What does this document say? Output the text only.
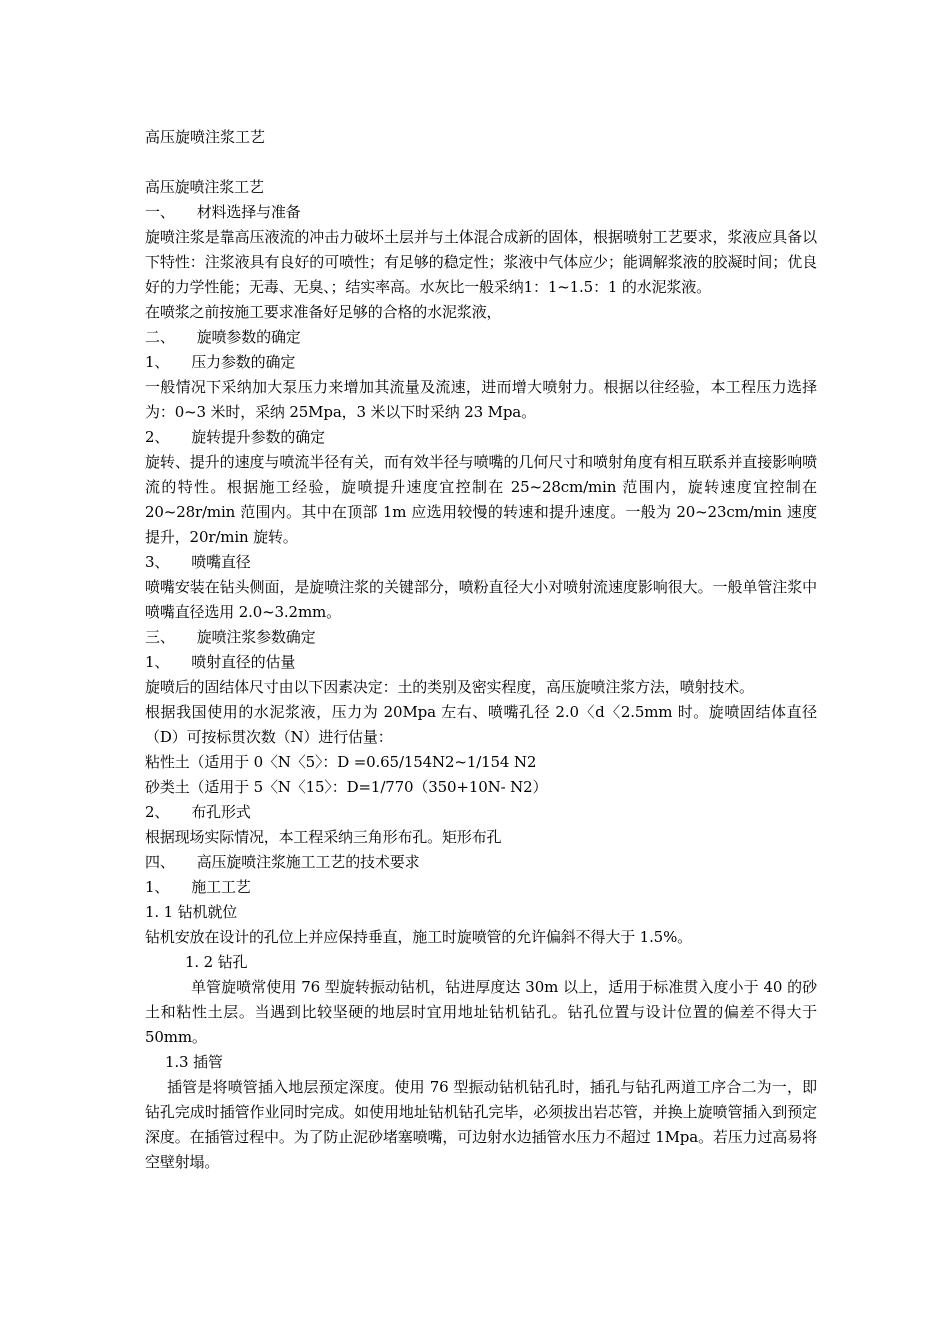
高压旋喷注浆工艺

高压旋喷注浆工艺

一、 材料选择与准备

旋喷注浆是靠高压液流的冲击力破坏土层并与土体混合成新的固体，根据喷射工艺要求，浆液应具备以下特性：注浆液具有良好的可喷性；有足够的稳定性；浆液中气体应少；能调解浆液的胶凝时间；优良好的力学性能；无毒、无臭、；结实率高。水灰比一般采纳1：1~1.5：1 的水泥浆液。

在喷浆之前按施工要求准备好足够的合格的水泥浆液，

二、 旋喷参数的确定

1、 压力参数的确定

一般情况下采纳加大泵压力来增加其流量及流速，进而增大喷射力。根据以往经验，本工程压力选择为：0~3 米时，采纳 25Mpa，3 米以下时采纳 23 Mpa。

2、 旋转提升参数的确定

旋转、提升的速度与喷流半径有关，而有效半径与喷嘴的几何尺寸和喷射角度有相互联系并直接影响喷流的特性。根据施工经验，旋喷提升速度宜控制在 25~28cm/min 范围内，旋转速度宜控制在 20~28r/min 范围内。其中在顶部 1m 应选用较慢的转速和提升速度。一般为 20~23cm/min 速度提升，20r/min 旋转。

3、 喷嘴直径

喷嘴安装在钻头侧面，是旋喷注浆的关键部分，喷粉直径大小对喷射流速度影响很大。一般单管注浆中喷嘴直径选用 2.0~3.2mm。

三、 旋喷注浆参数确定

1、 喷射直径的估量

旋喷后的固结体尺寸由以下因素决定：土的类别及密实程度，高压旋喷注浆方法，喷射技术。

根据我国使用的水泥浆液，压力为 20Mpa 左右、喷嘴孔径 2.0〈d〈2.5mm 时。旋喷固结体直径（D）可按标贯次数（N）进行估量：

粘性土（适用于 0〈N〈5〉：D =0.65/154N2~1/154 N2

砂类土（适用于 5〈N〈15〉：D=1/770（350+10N- N2）

2、 布孔形式

根据现场实际情况，本工程采纳三角形布孔。矩形布孔

四、 高压旋喷注浆施工工艺的技术要求

1、 施工工艺

1. 1 钻机就位

钻机安放在设计的孔位上并应保持垂直，施工时旋喷管的允许偏斜不得大于 1.5%。

1. 2 钻孔

单管旋喷常使用 76 型旋转振动钻机，钻进厚度达 30m 以上，适用于标准贯入度小于 40 的砂土和粘性土层。当遇到比较坚硬的地层时宜用地址钻机钻孔。钻孔位置与设计位置的偏差不得大于 50mm。

1.3 插管

插管是将喷管插入地层预定深度。使用 76 型振动钻机钻孔时，插孔与钻孔两道工序合二为一，即钻孔完成时插管作业同时完成。如使用地址钻机钻孔完毕，必须拔出岩芯管，并换上旋喷管插入到预定深度。在插管过程中。为了防止泥砂堵塞喷嘴，可边射水边插管水压力不超过 1Mpa。若压力过高易将空壁射塌。
